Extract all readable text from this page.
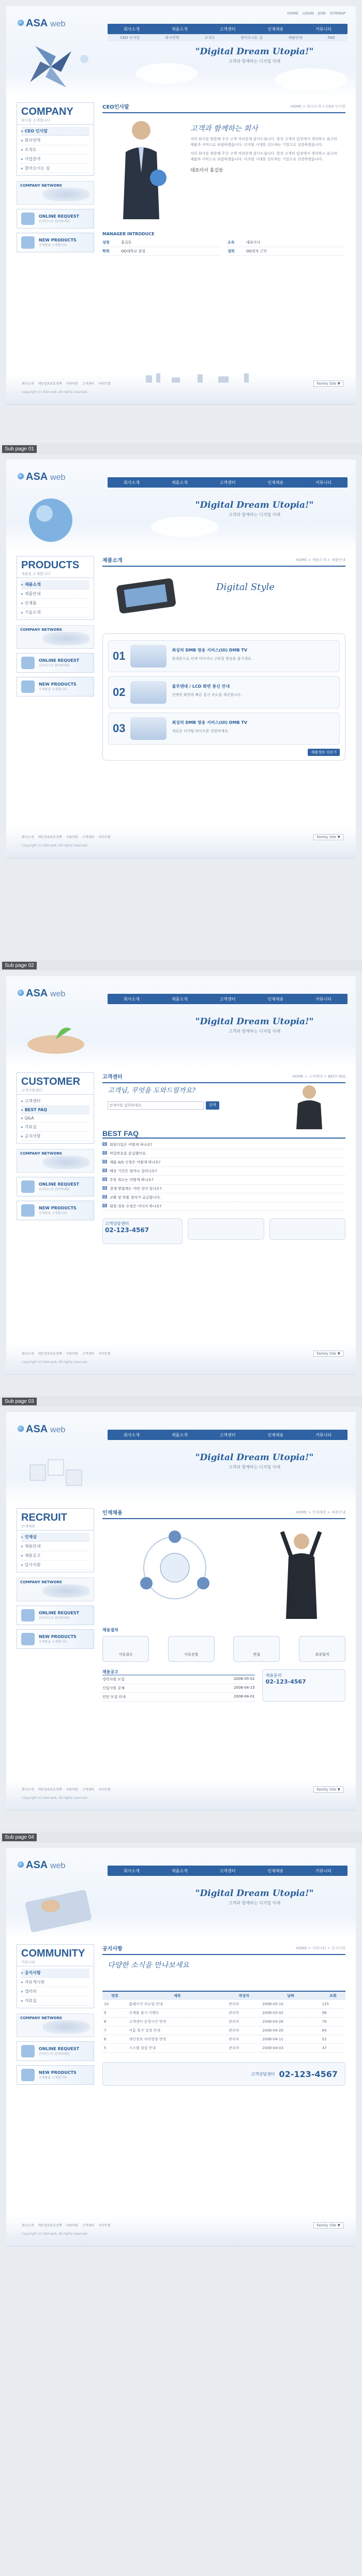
ASA web
HOME LOGIN JOIN SITEMAP
회사소개	제품소개	고객센터	인재채용	커뮤니티
CEO 인사말	회사연혁	조직도	찾아오시는 길	제품안내	FAQ
"Digital Dream Utopia!"
고객과 함께하는 디지털 미래
COMPANY
회사를 소개합니다
▸ CEO 인사말
▸ 회사연혁
▸ 조직도
▸ 사업분야
▸ 찾아오시는 길
COMPANY NETWORK
ONLINE REQUEST
온라인으로 문의하세요
NEW PRODUCTS
신제품을 소개합니다
CEO인사말	HOME > 회사소개 > CEO 인사말
고객과 함께하는 회사
저희 회사를 방문해 주신 고객 여러분께 감사드립니다. 항상 고객의 입장에서 생각하고 최고의 제품과 서비스로 보답하겠습니다. 디지털 시대를 선도하는 기업으로 성장하겠습니다.
저희 회사를 방문해 주신 고객 여러분께 감사드립니다. 항상 고객의 입장에서 생각하고 최고의 제품과 서비스로 보답하겠습니다. 디지털 시대를 선도하는 기업으로 성장하겠습니다.
대표이사 홍길동
MANAGER INTRODUCE
성명	홍길동	소속	대표이사
학력	OO대학교 졸업	경력	OO전자 근무
회사소개 개인정보보호정책 이용약관 고객센터 사이트맵
Copyright (c) ASA web. All rights reserved.
Family Site ▼
Sub page 01
ASA web
회사소개	제품소개	고객센터	인재채용	커뮤니티
"Digital Dream Utopia!"
고객과 함께하는 디지털 미래
PRODUCTS
제품을 소개합니다
▸ 제품소개
▸ 제품안내
▸ 신제품
▸ 기술소개
COMPANY NETWORK
ONLINE REQUEST
온라인으로 문의하세요
NEW PRODUCTS
신제품을 소개합니다
제품소개	HOME > 제품소개 > 제품안내
Digital Style
01	최상의 DMB 방송 서비스(UI) DMB TV
휴대폰으로 언제 어디서나 고화질 방송을 즐기세요.
02	블루텐데 / LCD 화면 통신 안내
선명한 화면과 빠른 통신 속도를 제공합니다.
03	최상의 DMB 방송 서비스(UI) DMB TV
새로운 디지털 라이프를 경험하세요.
제품정보 더보기
회사소개 개인정보보호정책 이용약관 고객센터 사이트맵
Copyright (c) ASA web. All rights reserved.
Family Site ▼
Sub page 02
ASA web
회사소개	제품소개	고객센터	인재채용	커뮤니티
"Digital Dream Utopia!"
고객과 함께하는 디지털 미래
CUSTOMER
고객지원센터
▸ 고객센터
▸ BEST FAQ
▸ Q&A
▸ 자료실
▸ 공지사항
COMPANY NETWORK
ONLINE REQUEST
온라인으로 문의하세요
NEW PRODUCTS
신제품을 소개합니다
고객센터	HOME > 고객센터 > BEST FAQ
고객님, 무엇을 도와드릴까요?
검색어를 입력하세요
검색
BEST FAQ
Q 회원가입은 어떻게 하나요?
Q 비밀번호를 분실했어요.
Q 제품 A/S 신청은 어떻게 하나요?
Q 배송 기간은 얼마나 걸리나요?
Q 주문 취소는 어떻게 하나요?
Q 결제 방법에는 어떤 것이 있나요?
Q 교환 및 반품 절차가 궁금합니다.
Q 회원 정보 수정은 어디서 하나요?
고객상담센터
02-123-4567
회사소개 개인정보보호정책 이용약관 고객센터 사이트맵
Copyright (c) ASA web. All rights reserved.
Family Site ▼
Sub page 03
ASA web
회사소개	제품소개	고객센터	인재채용	커뮤니티
"Digital Dream Utopia!"
고객과 함께하는 디지털 미래
RECRUIT
인재채용
▸ 인재상
▸ 채용안내
▸ 채용공고
▸ 입사지원
COMPANY NETWORK
ONLINE REQUEST
온라인으로 문의하세요
NEW PRODUCTS
신제품을 소개합니다
인재채용	HOME > 인재채용 > 채용안내
채용절차
서류접수	서류전형	면접	최종합격
채용공고
경력사원 모집	2008-05-01
신입사원 공채	2008-04-15
인턴 모집 안내	2008-04-01
채용문의
02-123-4567
회사소개 개인정보보호정책 이용약관 고객센터 사이트맵
Copyright (c) ASA web. All rights reserved.
Family Site ▼
Sub page 04
ASA web
회사소개	제품소개	고객센터	인재채용	커뮤니티
"Digital Dream Utopia!"
고객과 함께하는 디지털 미래
COMMUNITY
커뮤니티
▸ 공지사항
▸ 자유게시판
▸ 갤러리
▸ 자료실
COMPANY NETWORK
ONLINE REQUEST
온라인으로 문의하세요
NEW PRODUCTS
신제품을 소개합니다
공지사항	HOME > 커뮤니티 > 공지사항
다양한 소식을 만나보세요
번호	제목	작성자	날짜	조회
10	홈페이지 리뉴얼 안내	관리자	2008-05-10	125
9	신제품 출시 이벤트	관리자	2008-05-02	98
8	고객센터 운영시간 변경	관리자	2008-04-28	76
7	여름 휴가 일정 안내	관리자	2008-04-20	64
6	개인정보 처리방침 변경	관리자	2008-04-11	52
5	시스템 점검 안내	관리자	2008-04-03	47
고객상담센터 02-123-4567
회사소개 개인정보보호정책 이용약관 고객센터 사이트맵
Copyright (c) ASA web. All rights reserved.
Family Site ▼
